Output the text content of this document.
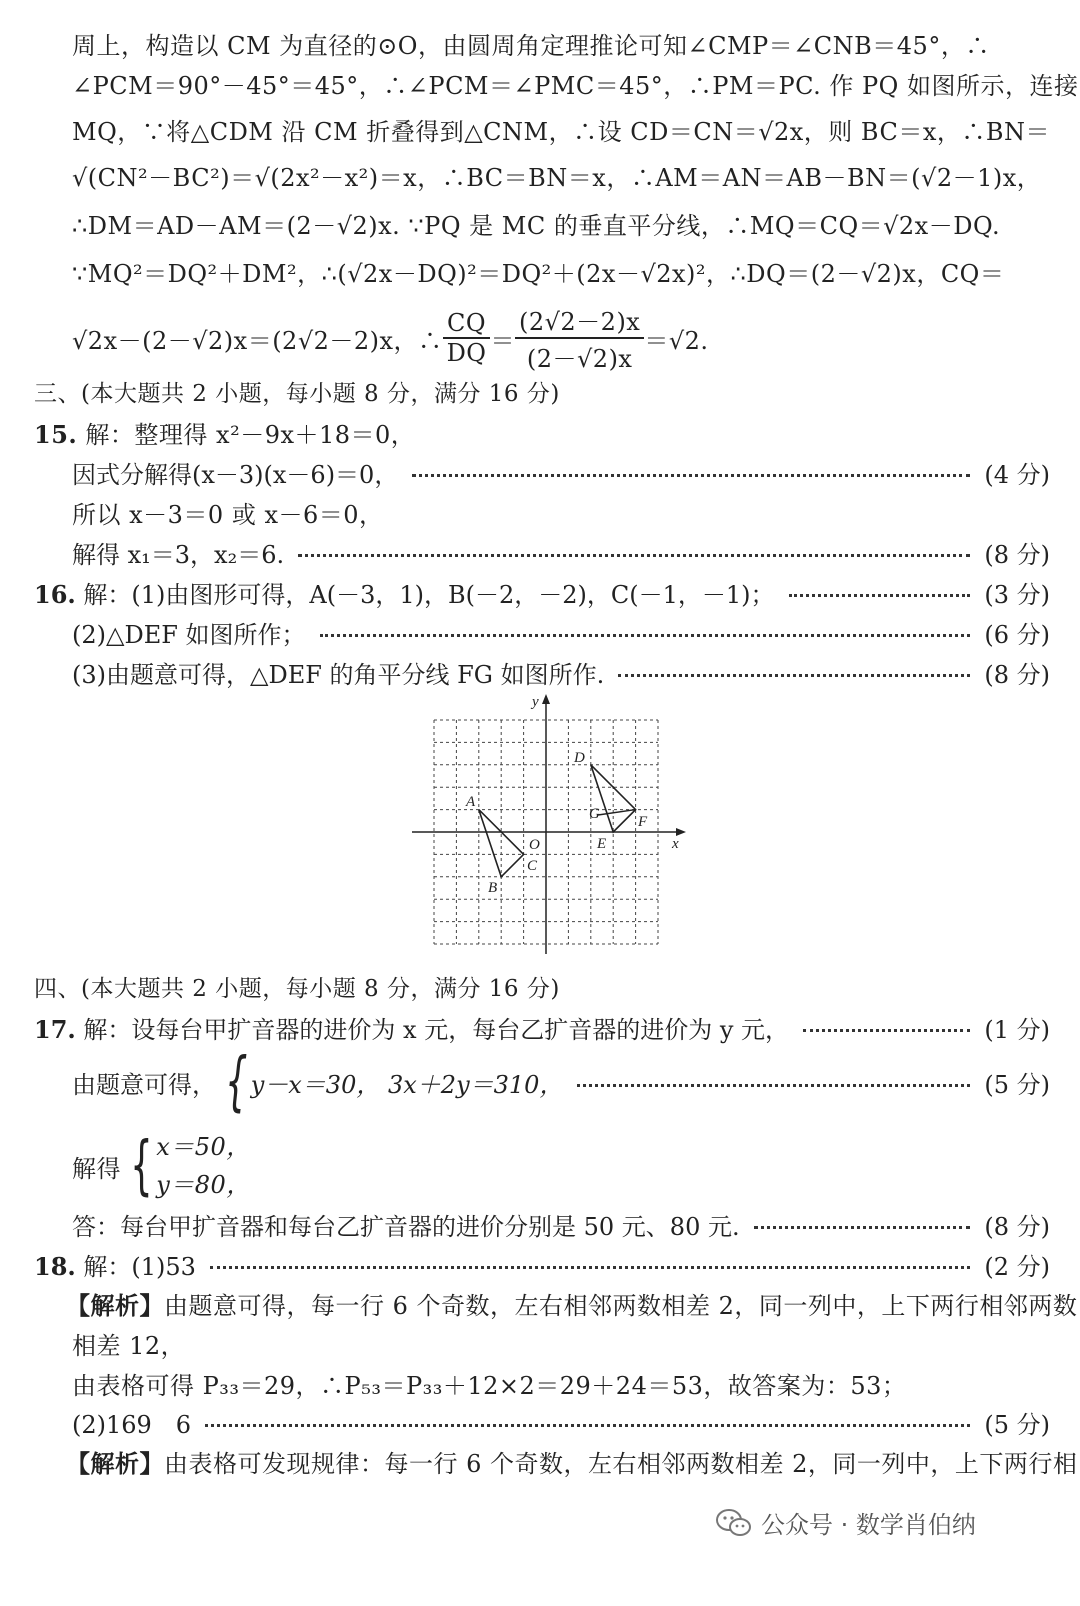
周上，构造以 CM 为直径的⊙O，由圆周角定理推论可知∠CMP＝∠CNB＝45°，∴
∠PCM＝90°－45°＝45°，∴∠PCM＝∠PMC＝45°，∴PM＝PC. 作 PQ 如图所示，连接
MQ，∵将△CDM 沿 CM 折叠得到△CNM，∴设 CD＝CN＝√2x，则 BC＝x，∴BN＝
√(CN²－BC²)＝√(2x²－x²)＝x，∴BC＝BN＝x，∴AM＝AN＝AB－BN＝(√2－1)x，
∴DM＝AD－AM＝(2－√2)x. ∵PQ 是 MC 的垂直平分线，∴MQ＝CQ＝√2x－DQ.
∵MQ²＝DQ²＋DM²，∴(√2x－DQ)²＝DQ²＋(2x－√2x)²，∴DQ＝(2－√2)x，CQ＝
√2x－(2－√2)x＝(2√2－2)x，∴ $\frac{CQ}{DQ} = \frac{(2√2-2)x}{(2-√2)x} =√2$.
三、(本大题共 2 小题，每小题 8 分，满分 16 分)
15. 解：整理得 x²－9x＋18＝0，
因式分解得(x－3)(x－6)＝0，	(4 分)
所以 x－3＝0 或 x－6＝0，
解得 x₁＝3，x₂＝6.	(8 分)
16. 解：(1)由图形可得，A(－3，1)，B(－2，－2)，C(－1，－1)；	(3 分)
(2)△DEF 如图所作；	(6 分)
(3)由题意可得，△DEF 的角平分线 FG 如图所作.	(8 分)
y
x
O
A
B
C
D
E
F
G
四、(本大题共 2 小题，每小题 8 分，满分 16 分)
17. 解：设每台甲扩音器的进价为 x 元，每台乙扩音器的进价为 y 元，	(1 分)
由题意可得， { y－x＝30， 3x＋2y＝310，	(5 分)
解得 { x＝50，
y＝80，
答：每台甲扩音器和每台乙扩音器的进价分别是 50 元、80 元.	(8 分)
18. 解：(1)53	(2 分)
【解析】由题意可得，每一行 6 个奇数，左右相邻两数相差 2，同一列中，上下两行相邻两数
相差 12，
由表格可得 P₃₃＝29，∴P₅₃＝P₃₃＋12×2＝29＋24＝53，故答案为：53；
(2)169　6	(5 分)
【解析】由表格可发现规律：每一行 6 个奇数，左右相邻两数相差 2，同一列中，上下两行相
公众号 · 数学肖伯纳
